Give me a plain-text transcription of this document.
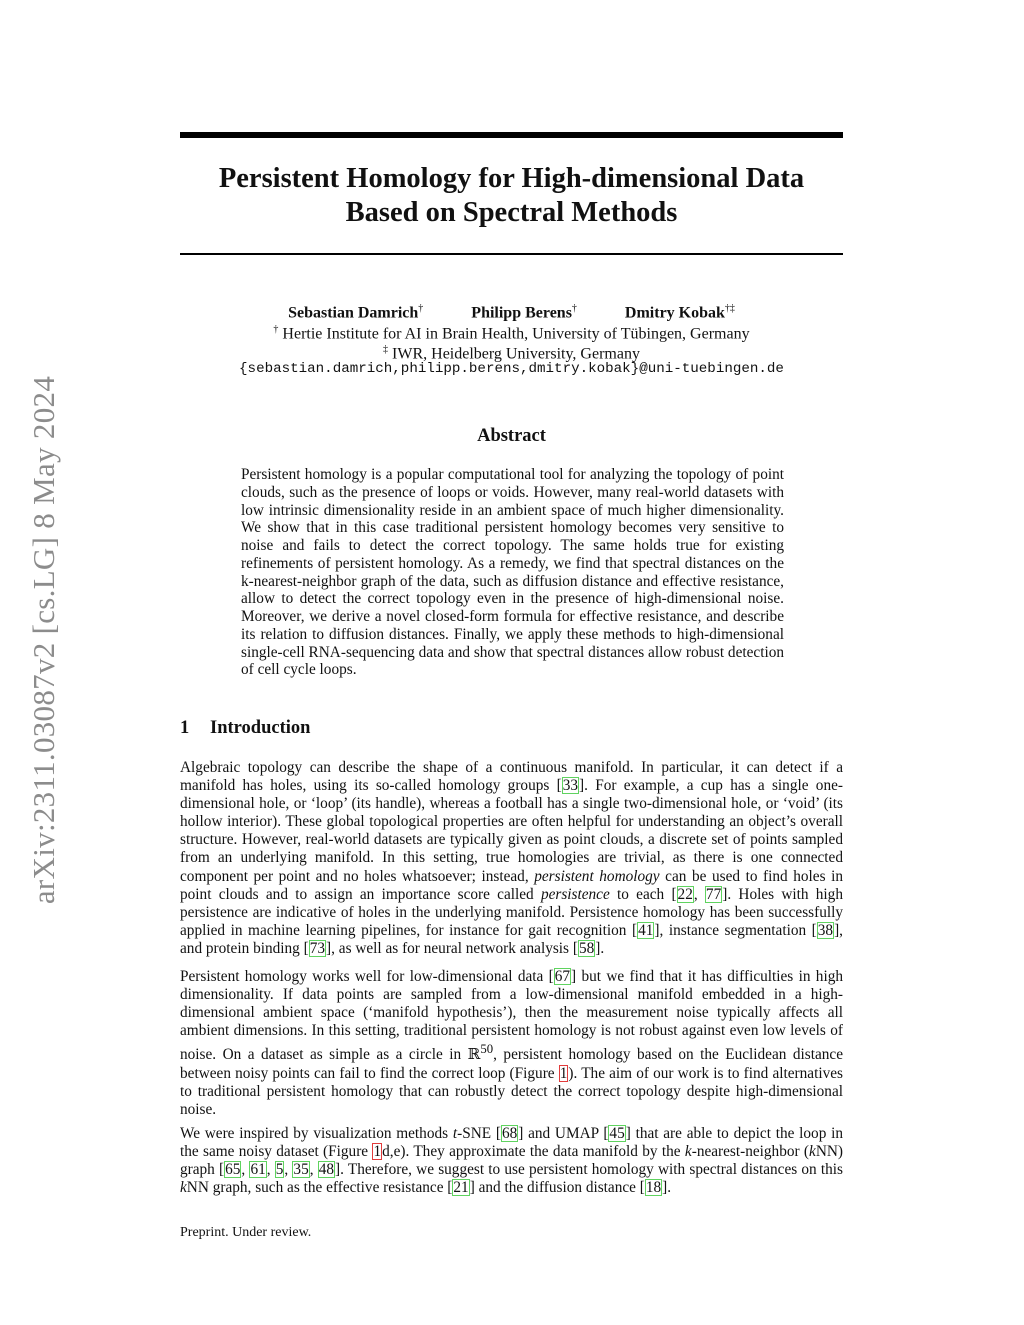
arXiv:2311.03087v2 [cs.LG] 8 May 2024
Persistent Homology for High-dimensional Data
Based on Spectral Methods
Sebastian Damrich†	Philipp Berens†	Dmitry Kobak†‡
† Hertie Institute for AI in Brain Health, University of Tübingen, Germany
‡ IWR, Heidelberg University, Germany
{sebastian.damrich,philipp.berens,dmitry.kobak}@uni-tuebingen.de
Abstract
Persistent homology is a popular computational tool for analyzing the topology of point clouds, such as the presence of loops or voids. However, many real-world datasets with low intrinsic dimensionality reside in an ambient space of much higher dimensionality. We show that in this case traditional persistent homology becomes very sensitive to noise and fails to detect the correct topology. The same holds true for existing refinements of persistent homology. As a remedy, we find that spectral distances on the k-nearest-neighbor graph of the data, such as diffusion distance and effective resistance, allow to detect the correct topology even in the presence of high-dimensional noise. Moreover, we derive a novel closed-form formula for effective resistance, and describe its relation to diffusion distances. Finally, we apply these methods to high-dimensional single-cell RNA-sequencing data and show that spectral distances allow robust detection of cell cycle loops.
1 Introduction

Algebraic topology can describe the shape of a continuous manifold. In particular, it can detect if a manifold has holes, using its so-called homology groups [33]. For example, a cup has a single one-dimensional hole, or ‘loop’ (its handle), whereas a football has a single two-dimensional hole, or ‘void’ (its hollow interior). These global topological properties are often helpful for understanding an object’s overall structure. However, real-world datasets are typically given as point clouds, a discrete set of points sampled from an underlying manifold. In this setting, true homologies are trivial, as there is one connected component per point and no holes whatsoever; instead, persistent homology can be used to find holes in point clouds and to assign an importance score called persistence to each [22, 77]. Holes with high persistence are indicative of holes in the underlying manifold. Persistence homology has been successfully applied in machine learning pipelines, for instance for gait recognition [41], instance segmentation [38], and protein binding [73], as well as for neural network analysis [58].

Persistent homology works well for low-dimensional data [67] but we find that it has difficulties in high dimensionality. If data points are sampled from a low-dimensional manifold embedded in a high-dimensional ambient space (‘manifold hypothesis’), then the measurement noise typically affects all ambient dimensions. In this setting, traditional persistent homology is not robust against even low levels of noise. On a dataset as simple as a circle in ℝ$^{50}$, persistent homology based on the Euclidean distance between noisy points can fail to find the correct loop (Figure 1). The aim of our work is to find alternatives to traditional persistent homology that can robustly detect the correct topology despite high-dimensional noise.

We were inspired by visualization methods t-SNE [68] and UMAP [45] that are able to depict the loop in the same noisy dataset (Figure 1d,e). They approximate the data manifold by the k-nearest-neighbor (kNN) graph [65, 61, 5, 35, 48]. Therefore, we suggest to use persistent homology with spectral distances on this kNN graph, such as the effective resistance [21] and the diffusion distance [18].

Preprint. Under review.
